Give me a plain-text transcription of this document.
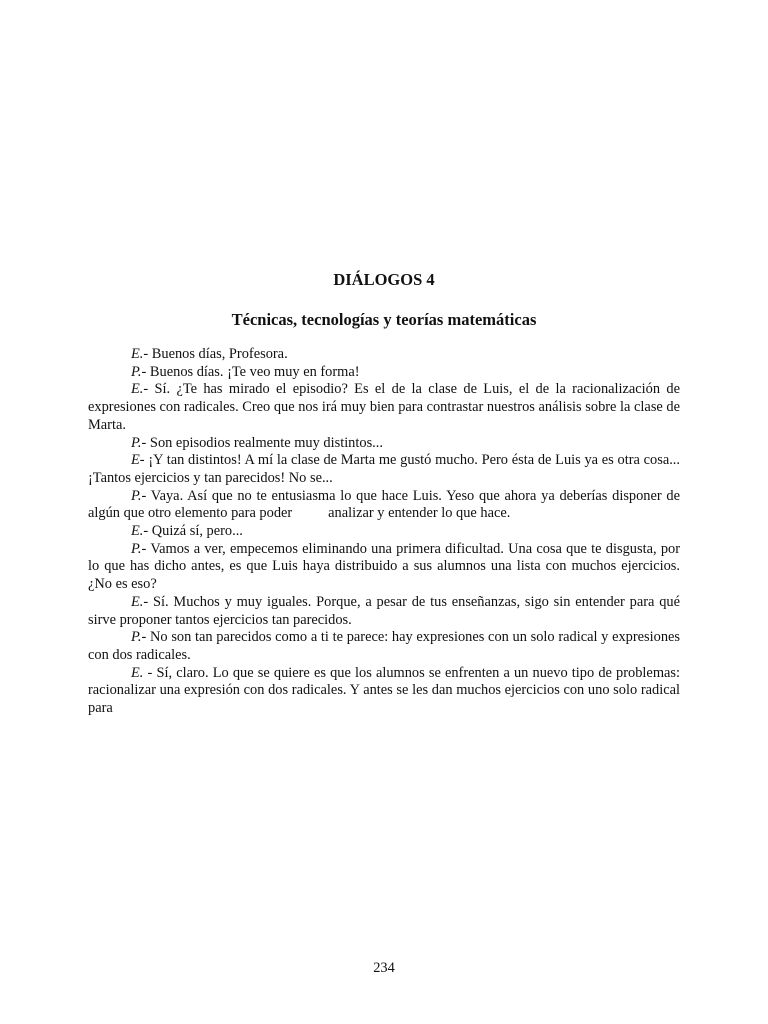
DIÁLOGOS 4
Técnicas, tecnologías y teorías matemáticas

E.- Buenos días, Profesora.

P.- Buenos días. ¡Te veo muy en forma!

E.- Sí. ¿Te has mirado el episodio? Es el de la clase de Luis, el de la racionalización de expresiones con radicales. Creo que nos irá muy bien para contrastar nuestros análisis sobre la clase de Marta.

P.- Son episodios realmente muy distintos...

E- ¡Y tan distintos! A mí la clase de Marta me gustó mucho. Pero ésta de Luis ya es otra cosa... ¡Tantos ejercicios y tan parecidos! No se...

P.- Vaya. Así que no te entusiasma lo que hace Luis. Yeso que ahora ya deberías disponer de algún que otro elemento para poder          analizar y entender lo que hace.

E.- Quizá sí, pero...

P.- Vamos a ver, empecemos eliminando una primera dificultad. Una cosa que te disgusta, por lo que has dicho antes, es que Luis haya distribuido a sus alumnos una lista con muchos ejercicios. ¿No es eso?

E.- Sí. Muchos y muy iguales. Porque, a pesar de tus enseñanzas, sigo sin entender para qué sirve proponer tantos ejercicios tan parecidos.

P.- No son tan parecidos como a ti te parece: hay expresiones con un solo radical y expresiones con dos radicales.

E. - Sí, claro. Lo que se quiere es que los alumnos se enfrenten a un nuevo tipo de problemas: racionalizar una expresión con dos radicales. Y antes se les dan muchos ejercicios con uno solo radical para

234
